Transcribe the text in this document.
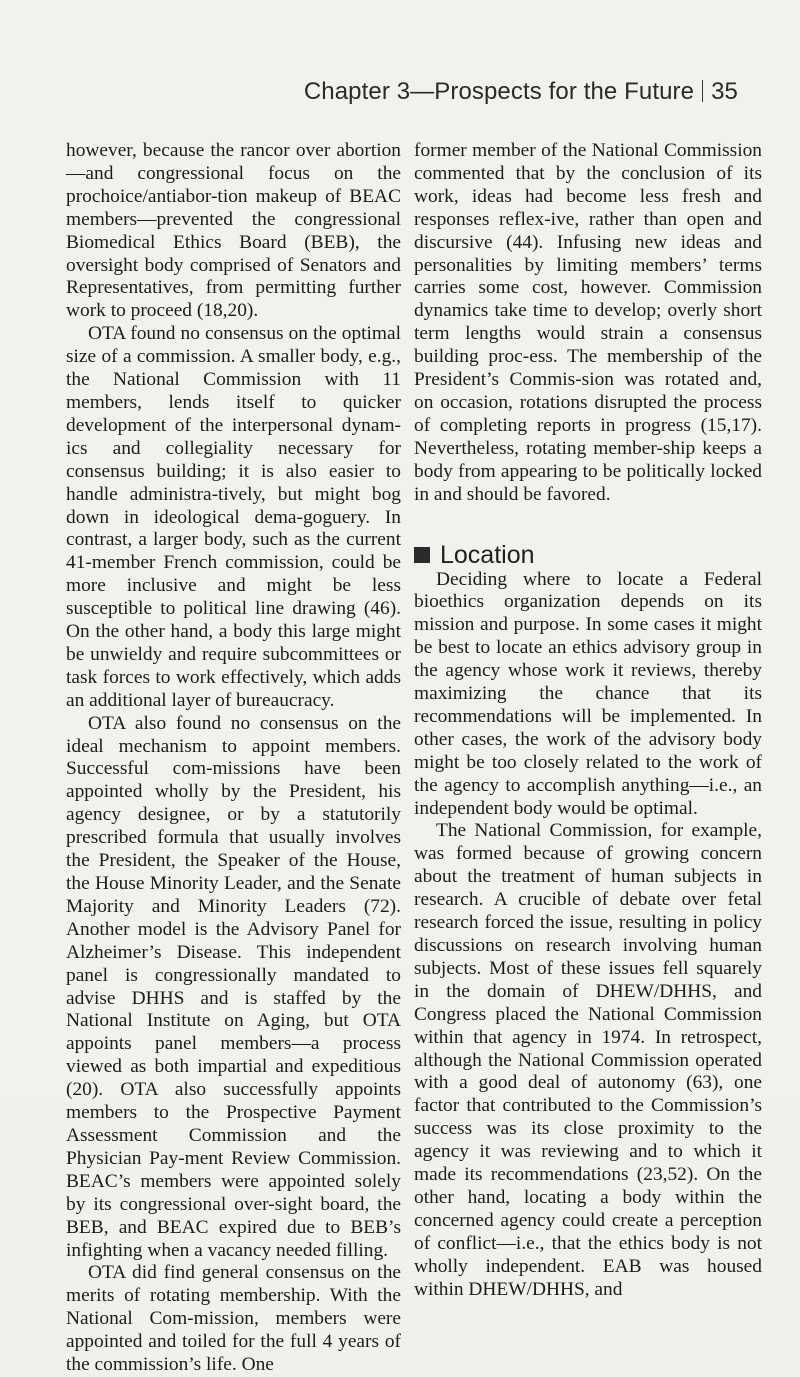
Chapter 3—Prospects for the Future 35

however, because the rancor over abortion—and congressional focus on the prochoice/antiabor-tion makeup of BEAC members—prevented the congressional Biomedical Ethics Board (BEB), the oversight body comprised of Senators and Representatives, from permitting further work to proceed (18,20).

OTA found no consensus on the optimal size of a commission. A smaller body, e.g., the National Commission with 11 members, lends itself to quicker development of the interpersonal dynam-ics and collegiality necessary for consensus building; it is also easier to handle administra-tively, but might bog down in ideological dema-goguery. In contrast, a larger body, such as the current 41-member French commission, could be more inclusive and might be less susceptible to political line drawing (46). On the other hand, a body this large might be unwieldy and require subcommittees or task forces to work effectively, which adds an additional layer of bureaucracy.

OTA also found no consensus on the ideal mechanism to appoint members. Successful com-missions have been appointed wholly by the President, his agency designee, or by a statutorily prescribed formula that usually involves the President, the Speaker of the House, the House Minority Leader, and the Senate Majority and Minority Leaders (72). Another model is the Advisory Panel for Alzheimer’s Disease. This independent panel is congressionally mandated to advise DHHS and is staffed by the National Institute on Aging, but OTA appoints panel members—a process viewed as both impartial and expeditious (20). OTA also successfully appoints members to the Prospective Payment Assessment Commission and the Physician Pay-ment Review Commission. BEAC’s members were appointed solely by its congressional over-sight board, the BEB, and BEAC expired due to BEB’s infighting when a vacancy needed filling.

OTA did find general consensus on the merits of rotating membership. With the National Com-mission, members were appointed and toiled for the full 4 years of the commission’s life. One

former member of the National Commission commented that by the conclusion of its work, ideas had become less fresh and responses reflex-ive, rather than open and discursive (44). Infusing new ideas and personalities by limiting members’ terms carries some cost, however. Commission dynamics take time to develop; overly short term lengths would strain a consensus building proc-ess. The membership of the President’s Commis-sion was rotated and, on occasion, rotations disrupted the process of completing reports in progress (15,17). Nevertheless, rotating member-ship keeps a body from appearing to be politically locked in and should be favored.

Location

Deciding where to locate a Federal bioethics organization depends on its mission and purpose. In some cases it might be best to locate an ethics advisory group in the agency whose work it reviews, thereby maximizing the chance that its recommendations will be implemented. In other cases, the work of the advisory body might be too closely related to the work of the agency to accomplish anything—i.e., an independent body would be optimal.

The National Commission, for example, was formed because of growing concern about the treatment of human subjects in research. A crucible of debate over fetal research forced the issue, resulting in policy discussions on research involving human subjects. Most of these issues fell squarely in the domain of DHEW/DHHS, and Congress placed the National Commission within that agency in 1974. In retrospect, although the National Commission operated with a good deal of autonomy (63), one factor that contributed to the Commission’s success was its close proximity to the agency it was reviewing and to which it made its recommendations (23,52). On the other hand, locating a body within the concerned agency could create a perception of conflict—i.e., that the ethics body is not wholly independent. EAB was housed within DHEW/DHHS, and
